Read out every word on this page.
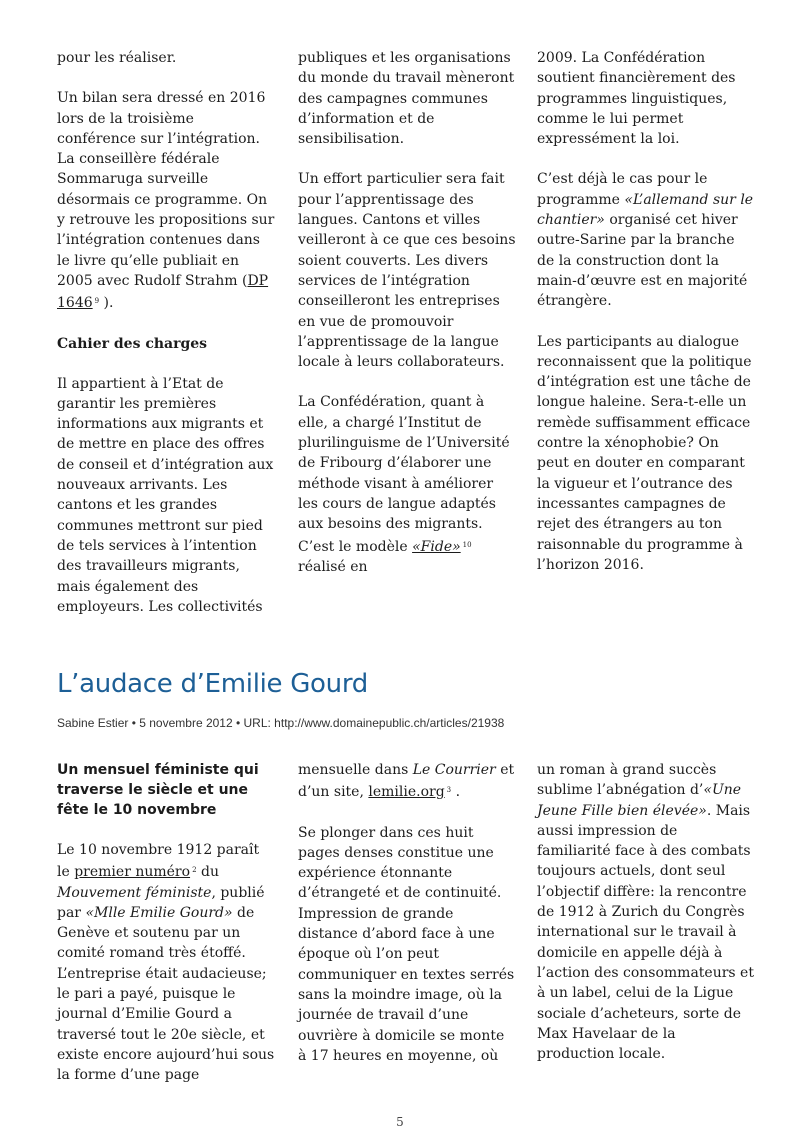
pour les réaliser.

Un bilan sera dressé en 2016 lors de la troisième conférence sur l’intégration. La conseillère fédérale Sommaruga surveille désormais ce programme. On y retrouve les propositions sur l’intégration contenues dans le livre qu’elle publiait en 2005 avec Rudolf Strahm (DP 1646 $^9$ ).

Cahier des charges

Il appartient à l’Etat de garantir les premières informations aux migrants et de mettre en place des offres de conseil et d’intégration aux nouveaux arrivants. Les cantons et les grandes communes mettront sur pied de tels services à l’intention des travailleurs migrants, mais également des employeurs. Les collectivités

publiques et les organisations du monde du travail mèneront des campagnes communes d’information et de sensibilisation.

Un effort particulier sera fait pour l’apprentissage des langues. Cantons et villes veilleront à ce que ces besoins soient couverts. Les divers services de l’intégration conseilleront les entreprises en vue de promouvoir l’apprentissage de la langue locale à leurs collaborateurs.

La Confédération, quant à elle, a chargé l’Institut de plurilinguisme de l’Université de Fribourg d’élaborer une méthode visant à améliorer les cours de langue adaptés aux besoins des migrants. C’est le modèle «Fide» $^{10}$ réalisé en

2009. La Confédération soutient financièrement des programmes linguistiques, comme le lui permet expressément la loi.

C’est déjà le cas pour le programme «L’allemand sur le chantier» organisé cet hiver outre-Sarine par la branche de la construction dont la main-d’œuvre est en majorité étrangère.

Les participants au dialogue reconnaissent que la politique d’intégration est une tâche de longue haleine. Sera-t-elle un remède suffisamment efficace contre la xénophobie? On peut en douter en comparant la vigueur et l’outrance des incessantes campagnes de rejet des étrangers au ton raisonnable du programme à l’horizon 2016.

L’audace d’Emilie Gourd
Sabine Estier • 5 novembre 2012 • URL: http://www.domainepublic.ch/articles/21938

Un mensuel féministe qui traverse le siècle et une fête le 10 novembre

Le 10 novembre 1912 paraît le premier numéro $^2$ du Mouvement féministe, publié par «Mlle Emilie Gourd» de Genève et soutenu par un comité romand très étoffé. L’entreprise était audacieuse; le pari a payé, puisque le journal d’Emilie Gourd a traversé tout le 20e siècle, et existe encore aujourd’hui sous la forme d’une page

mensuelle dans Le Courrier et d’un site, lemilie.org $^3$ .

Se plonger dans ces huit pages denses constitue une expérience étonnante d’étrangeté et de continuité. Impression de grande distance d’abord face à une époque où l’on peut communiquer en textes serrés sans la moindre image, où la journée de travail d’une ouvrière à domicile se monte à 17 heures en moyenne, où

un roman à grand succès sublime l’abnégation d’«Une Jeune Fille bien élevée». Mais aussi impression de familiarité face à des combats toujours actuels, dont seul l’objectif diffère: la rencontre de 1912 à Zurich du Congrès international sur le travail à domicile en appelle déjà à l’action des consommateurs et à un label, celui de la Ligue sociale d’acheteurs, sorte de Max Havelaar de la production locale.

5
